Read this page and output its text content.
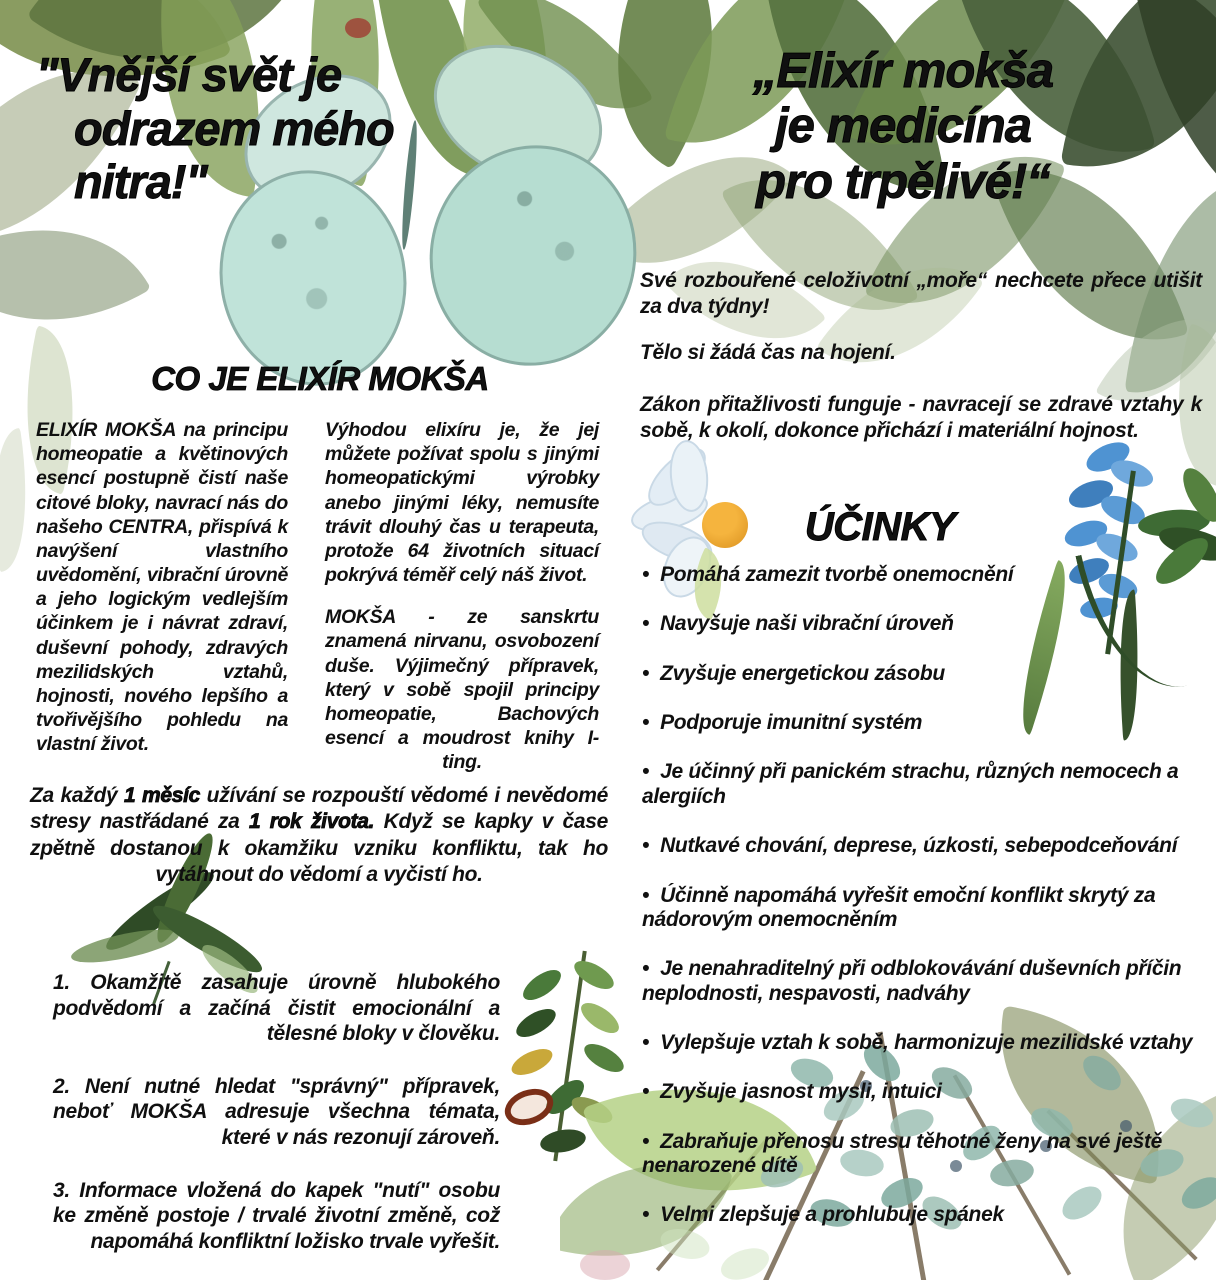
"Vnější svět je
odrazem mého
nitra!"
„Elixír mokša
je medicína
pro trpělivé!“

Své rozbouřené celoživotní „moře“ nechcete přece utišit za dva týdny!

Tělo si žádá čas na hojení.

Zákon přitažlivosti funguje - navracejí se zdravé vztahy k sobě, k okolí, dokonce přichází i materiální hojnost.

ÚČINKY
• Pomáhá zamezit tvorbě onemocnění
• Navyšuje naši vibrační úroveň
• Zvyšuje energetickou zásobu
• Podporuje imunitní systém
• Je účinný při panickém strachu, různých nemocech a alergiích
• Nutkavé chování, deprese, úzkosti, sebepodceňování
• Účinně napomáhá vyřešit emoční konflikt skrytý za nádorovým onemocněním
• Je nenahraditelný při odblokovávání duševních příčin neplodnosti, nespavosti, nadváhy
• Vylepšuje vztah k sobě, harmonizuje mezilidské vztahy
• Zvyšuje jasnost mysli, intuici
• Zabraňuje přenosu stresu těhotné ženy na své ještě nenarozené dítě
• Velmi zlepšuje a prohlubuje spánek
CO JE ELIXÍR MOKŠA

ELIXÍR MOKŠA na principu homeopatie a květinových esencí postupně čistí naše citové bloky, navrací nás do našeho CENTRA, přispívá k navýšení vlastního uvědomění, vibrační úrovně a jeho logickým vedlejším účinkem je i návrat zdraví, duševní pohody, zdravých mezilidských vztahů, hojnosti, nového lepšího a tvořivějšího pohledu na vlastní život.

Výhodou elixíru je, že jej můžete požívat spolu s jinými homeopatickými výrobky anebo jinými léky, nemusíte trávit dlouhý čas u terapeuta, protože 64 životních situací pokrývá téměř celý náš život.

MOKŠA - ze sanskrtu znamená nirvanu, osvobození duše. Výjimečný přípravek, který v sobě spojil principy homeopatie, Bachových esencí a moudrost knihy I-ting.

Za každý 1 měsíc užívání se rozpouští vědomé i nevědomé stresy nastřádané za 1 rok života. Když se kapky v čase zpětně dostanou k okamžiku vzniku konfliktu, tak ho vytáhnout do vědomí a vyčistí ho.

1. Okamžitě zasahuje úrovně hlubokého podvědomí a začíná čistit emocionální a tělesné bloky v člověku.

2. Není nutné hledat "správný" přípravek, neboť MOKŠA adresuje všechna témata, které v nás rezonují zároveň.

3. Informace vložená do kapek "nutí" osobu ke změně postoje / trvalé životní změně, což napomáhá konfliktní ložisko trvale vyřešit.
